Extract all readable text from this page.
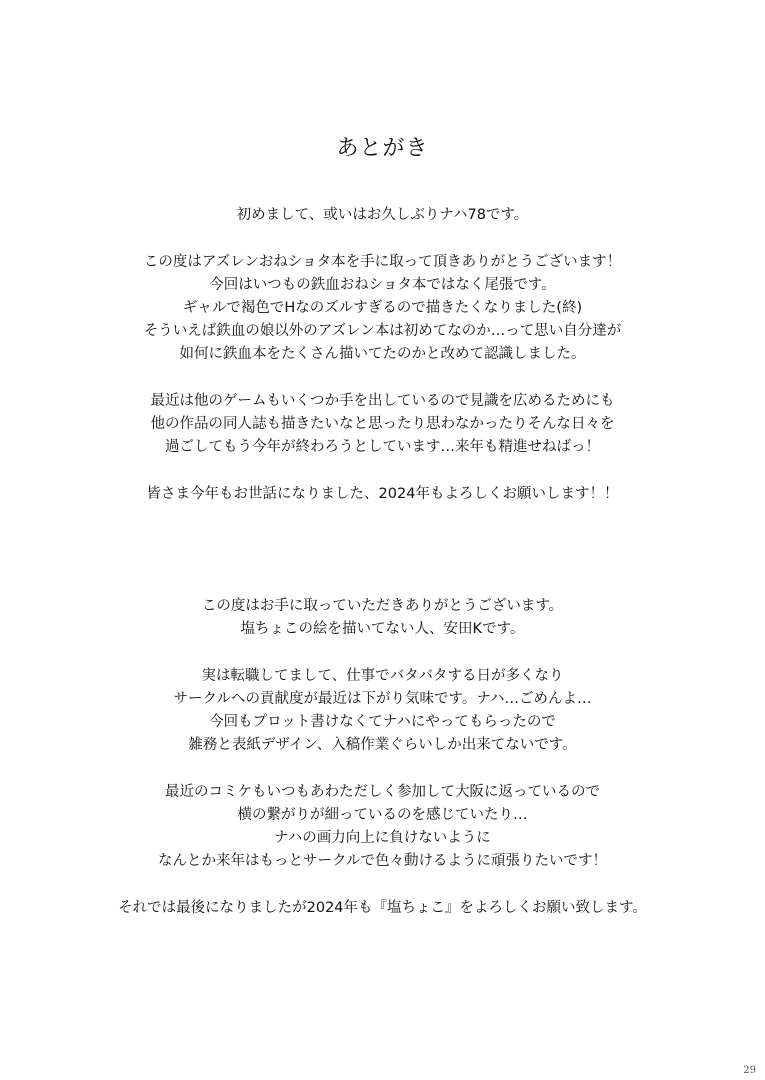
あとがき
初めまして、或いはお久しぶりナハ78です。
この度はアズレンおねショタ本を手に取って頂きありがとうございます！
今回はいつもの鉄血おねショタ本ではなく尾張です。
ギャルで褐色でHなのズルすぎるので描きたくなりました(終)
そういえば鉄血の娘以外のアズレン本は初めてなのか…って思い自分達が
如何に鉄血本をたくさん描いてたのかと改めて認識しました。
最近は他のゲームもいくつか手を出しているので見識を広めるためにも
他の作品の同人誌も描きたいなと思ったり思わなかったりそんな日々を
過ごしてもう今年が終わろうとしています…来年も精進せねばっ！
皆さま今年もお世話になりました、2024年もよろしくお願いします！！
この度はお手に取っていただきありがとうございます。
塩ちょこの絵を描いてない人、安田Kです。
実は転職してまして、仕事でバタバタする日が多くなり
サークルへの貢献度が最近は下がり気味です。ナハ…ごめんよ…
今回もプロット書けなくてナハにやってもらったので
雑務と表紙デザイン、入稿作業ぐらいしか出来てないです。
最近のコミケもいつもあわただしく参加して大阪に返っているので
横の繋がりが細っているのを感じていたり…
ナハの画力向上に負けないように
なんとか来年はもっとサークルで色々動けるように頑張りたいです！
それでは最後になりましたが2024年も『塩ちょこ』をよろしくお願い致します。
29
